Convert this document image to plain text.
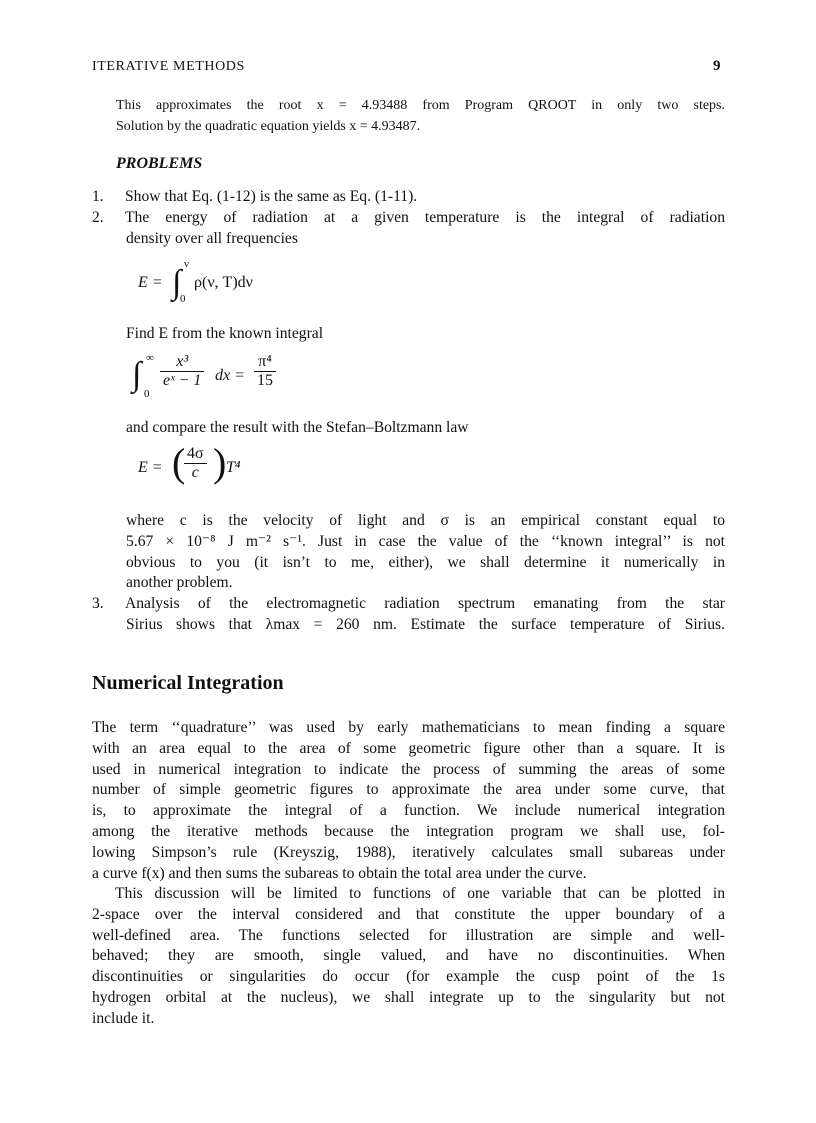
ITERATIVE METHODS	9
This approximates the root x = 4.93488 from Program QROOT in only two steps.
Solution by the quadratic equation yields x = 4.93487.
PROBLEMS
1. Show that Eq. (1-12) is the same as Eq. (1-11).
2. The energy of radiation at a given temperature is the integral of radiation
density over all frequencies
E = ∫ ν
0
ρ(ν, T)dν
Find E from the known integral
∫ ∞
0
$\frac{\text{x³}}{\text{eˣ − 1}}$ dx = $\frac{\text{π⁴}}{15}$
and compare the result with the Stefan–Boltzmann law
E = (
$\frac{4\sigma}{c}$ ) T⁴
where c is the velocity of light and σ is an empirical constant equal to
5.67 × 10⁻⁸ J m⁻² s⁻¹. Just in case the value of the ‘‘known integral’’ is not
obvious to you (it isn’t to me, either), we shall determine it numerically in
another problem.
3. Analysis of the electromagnetic radiation spectrum emanating from the star
Sirius shows that λmax = 260 nm. Estimate the surface temperature of Sirius.
Numerical Integration
The term ‘‘quadrature’’ was used by early mathematicians to mean finding a square
with an area equal to the area of some geometric figure other than a square. It is
used in numerical integration to indicate the process of summing the areas of some
number of simple geometric figures to approximate the area under some curve, that
is, to approximate the integral of a function. We include numerical integration
among the iterative methods because the integration program we shall use, fol-
lowing Simpson’s rule (Kreyszig, 1988), iteratively calculates small subareas under
a curve f(x) and then sums the subareas to obtain the total area under the curve.
This discussion will be limited to functions of one variable that can be plotted in
2-space over the interval considered and that constitute the upper boundary of a
well-defined area. The functions selected for illustration are simple and well-
behaved; they are smooth, single valued, and have no discontinuities. When
discontinuities or singularities do occur (for example the cusp point of the 1s
hydrogen orbital at the nucleus), we shall integrate up to the singularity but not
include it.
